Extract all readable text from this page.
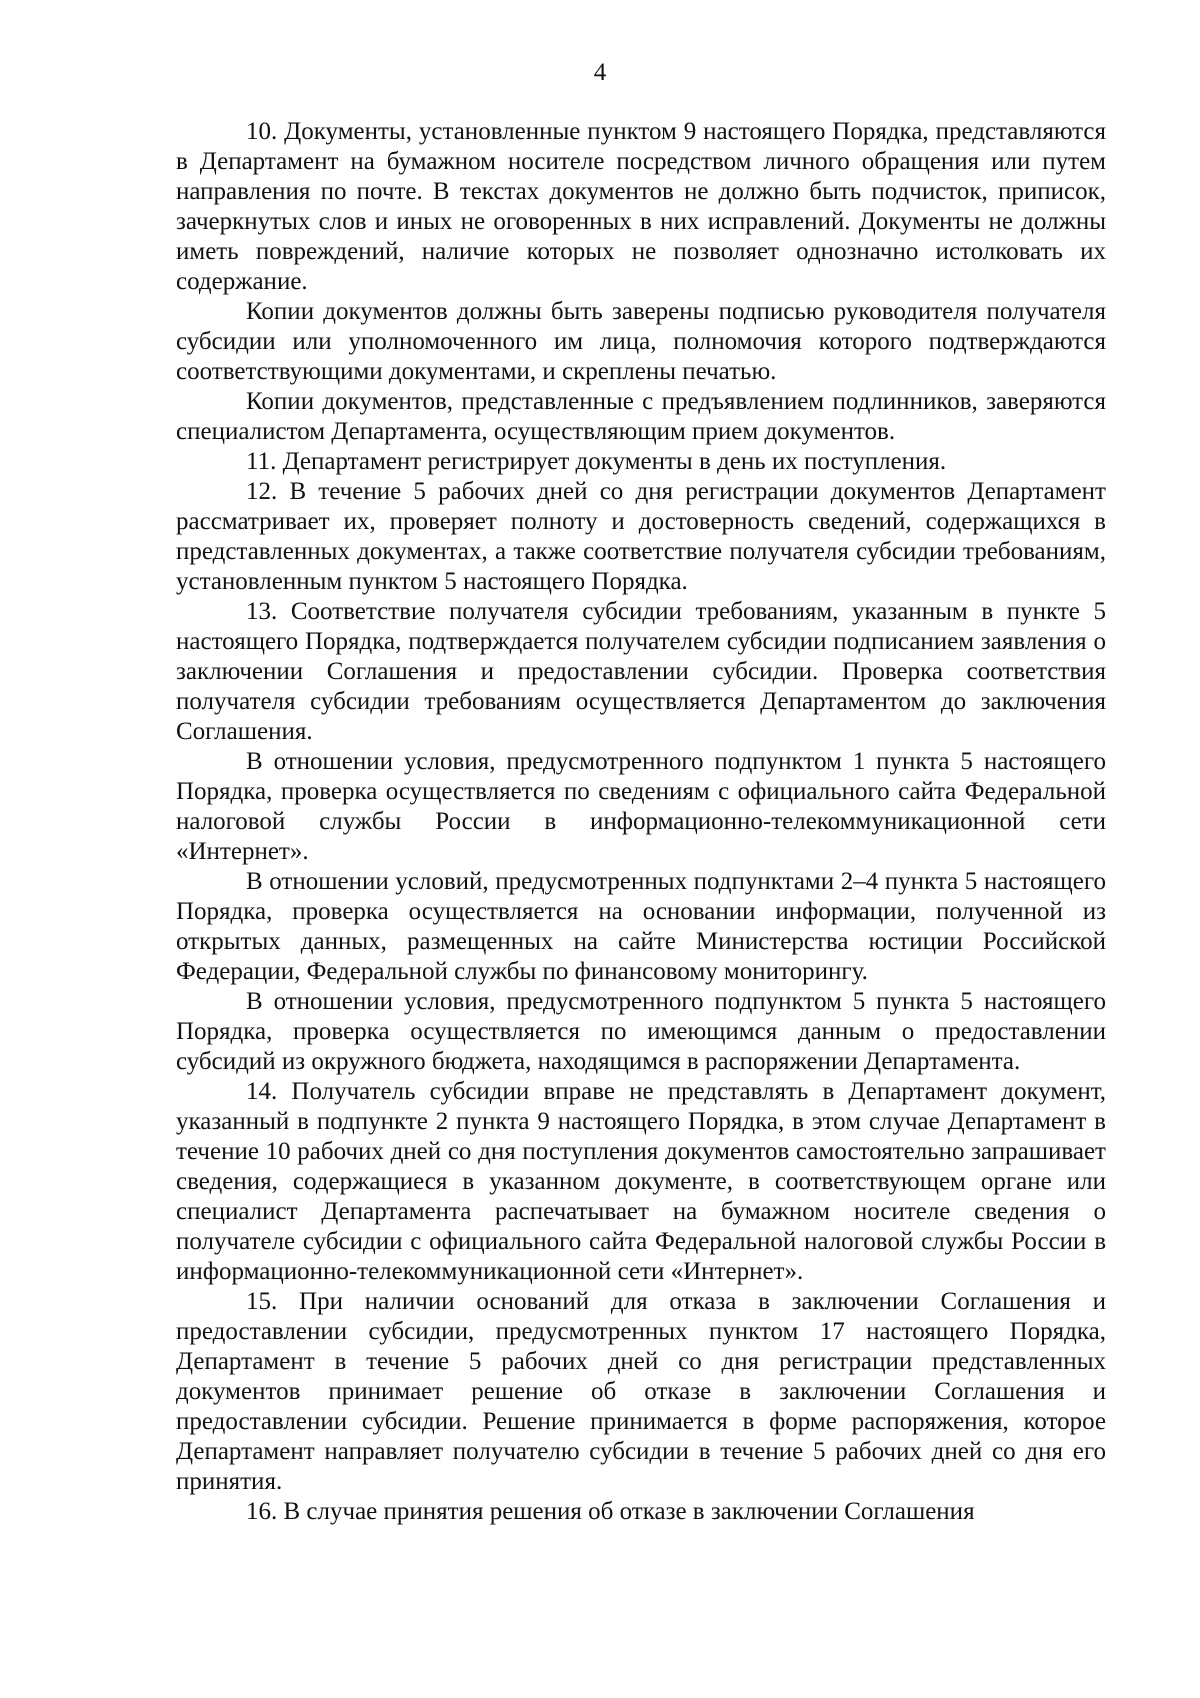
4

10. Документы, установленные пунктом 9 настоящего Порядка, представляются в Департамент на бумажном носителе посредством личного обращения или путем направления по почте. В текстах документов не должно быть подчисток, приписок, зачеркнутых слов и иных не оговоренных в них исправлений. Документы не должны иметь повреждений, наличие которых не позволяет однозначно истолковать их содержание.

Копии документов должны быть заверены подписью руководителя получателя субсидии или уполномоченного им лица, полномочия которого подтверждаются соответствующими документами, и скреплены печатью.

Копии документов, представленные с предъявлением подлинников, заверяются специалистом Департамента, осуществляющим прием документов.

11. Департамент регистрирует документы в день их поступления.

12. В течение 5 рабочих дней со дня регистрации документов Департамент рассматривает их, проверяет полноту и достоверность сведений, содержащихся в представленных документах, а также соответствие получателя субсидии требованиям, установленным пунктом 5 настоящего Порядка.

13. Соответствие получателя субсидии требованиям, указанным в пункте 5 настоящего Порядка, подтверждается получателем субсидии подписанием заявления о заключении Соглашения и предоставлении субсидии. Проверка соответствия получателя субсидии требованиям осуществляется Департаментом до заключения Соглашения.

В отношении условия, предусмотренного подпунктом 1 пункта 5 настоящего Порядка, проверка осуществляется по сведениям с официального сайта Федеральной налоговой службы России в информационно-телекоммуникационной сети «Интернет».

В отношении условий, предусмотренных подпунктами 2–4 пункта 5 настоящего Порядка, проверка осуществляется на основании информации, полученной из открытых данных, размещенных на сайте Министерства юстиции Российской Федерации, Федеральной службы по финансовому мониторингу.

В отношении условия, предусмотренного подпунктом 5 пункта 5 настоящего Порядка, проверка осуществляется по имеющимся данным о предоставлении субсидий из окружного бюджета, находящимся в распоряжении Департамента.

14. Получатель субсидии вправе не представлять в Департамент документ, указанный в подпункте 2 пункта 9 настоящего Порядка, в этом случае Департамент в течение 10 рабочих дней со дня поступления документов самостоятельно запрашивает сведения, содержащиеся в указанном документе, в соответствующем органе или специалист Департамента распечатывает на бумажном носителе сведения о получателе субсидии с официального сайта Федеральной налоговой службы России в информационно-телекоммуникационной сети «Интернет».

15. При наличии оснований для отказа в заключении Соглашения и предоставлении субсидии, предусмотренных пунктом 17 настоящего Порядка, Департамент в течение 5 рабочих дней со дня регистрации представленных документов принимает решение об отказе в заключении Соглашения и предоставлении субсидии. Решение принимается в форме распоряжения, которое Департамент направляет получателю субсидии в течение 5 рабочих дней со дня его принятия.

16. В случае принятия решения об отказе в заключении Соглашения
